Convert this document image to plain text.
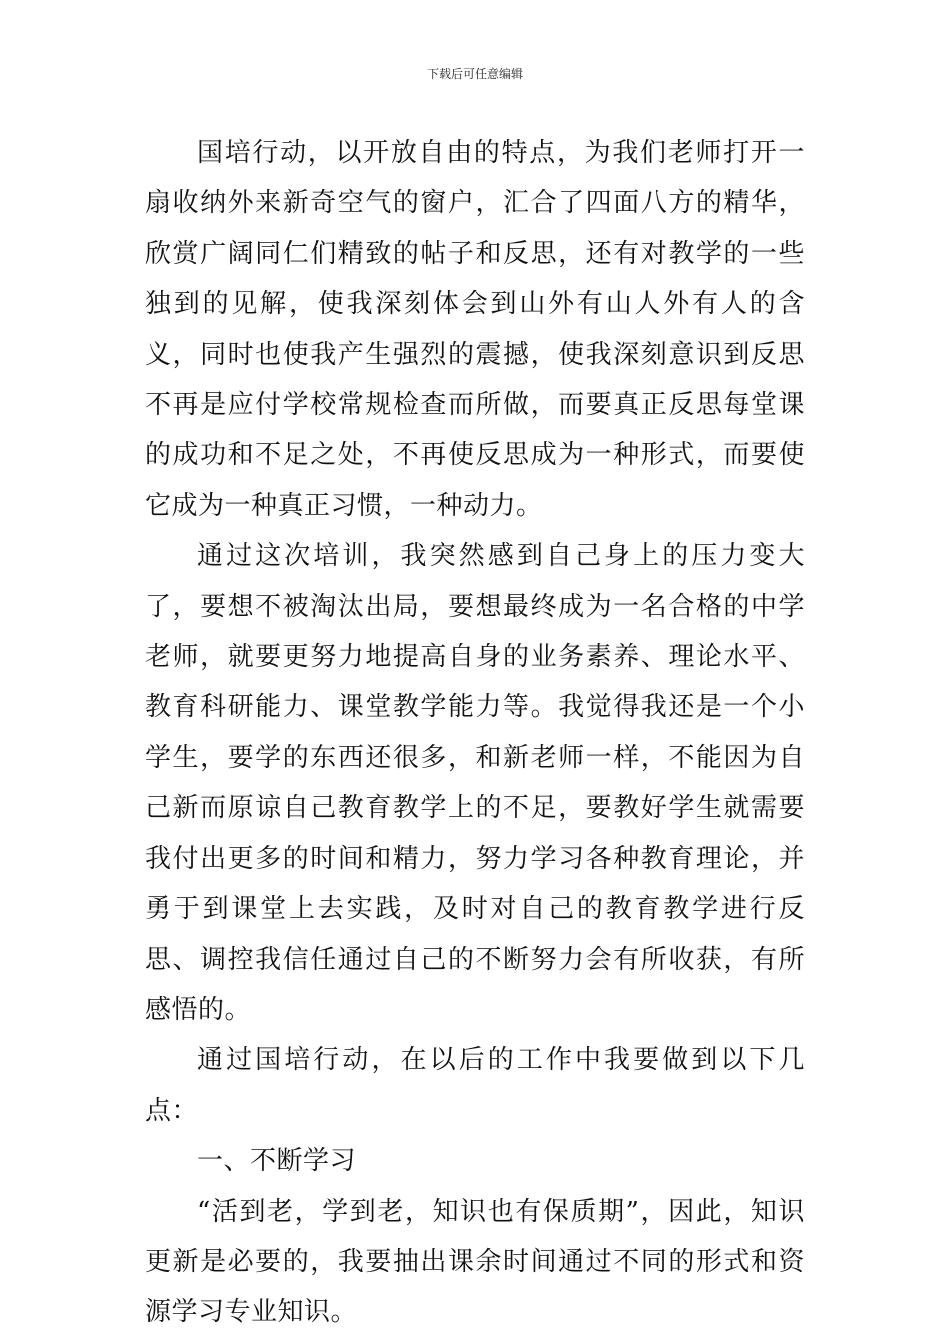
下载后可任意编辑

国培行动，以开放自由的特点，为我们老师打开一扇收纳外来新奇空气的窗户，汇合了四面八方的精华，欣赏广阔同仁们精致的帖子和反思，还有对教学的一些独到的见解，使我深刻体会到山外有山人外有人的含义，同时也使我产生强烈的震撼，使我深刻意识到反思不再是应付学校常规检查而所做，而要真正反思每堂课的成功和不足之处，不再使反思成为一种形式，而要使它成为一种真正习惯，一种动力。

通过这次培训，我突然感到自己身上的压力变大了，要想不被淘汰出局，要想最终成为一名合格的中学老师，就要更努力地提高自身的业务素养、理论水平、教育科研能力、课堂教学能力等。我觉得我还是一个小学生，要学的东西还很多，和新老师一样，不能因为自己新而原谅自己教育教学上的不足，要教好学生就需要我付出更多的时间和精力，努力学习各种教育理论，并勇于到课堂上去实践，及时对自己的教育教学进行反思、调控我信任通过自己的不断努力会有所收获，有所感悟的。

通过国培行动，在以后的工作中我要做到以下几点：

一、不断学习

“活到老，学到老，知识也有保质期”，因此，知识更新是必要的，我要抽出课余时间通过不同的形式和资源学习专业知识。
